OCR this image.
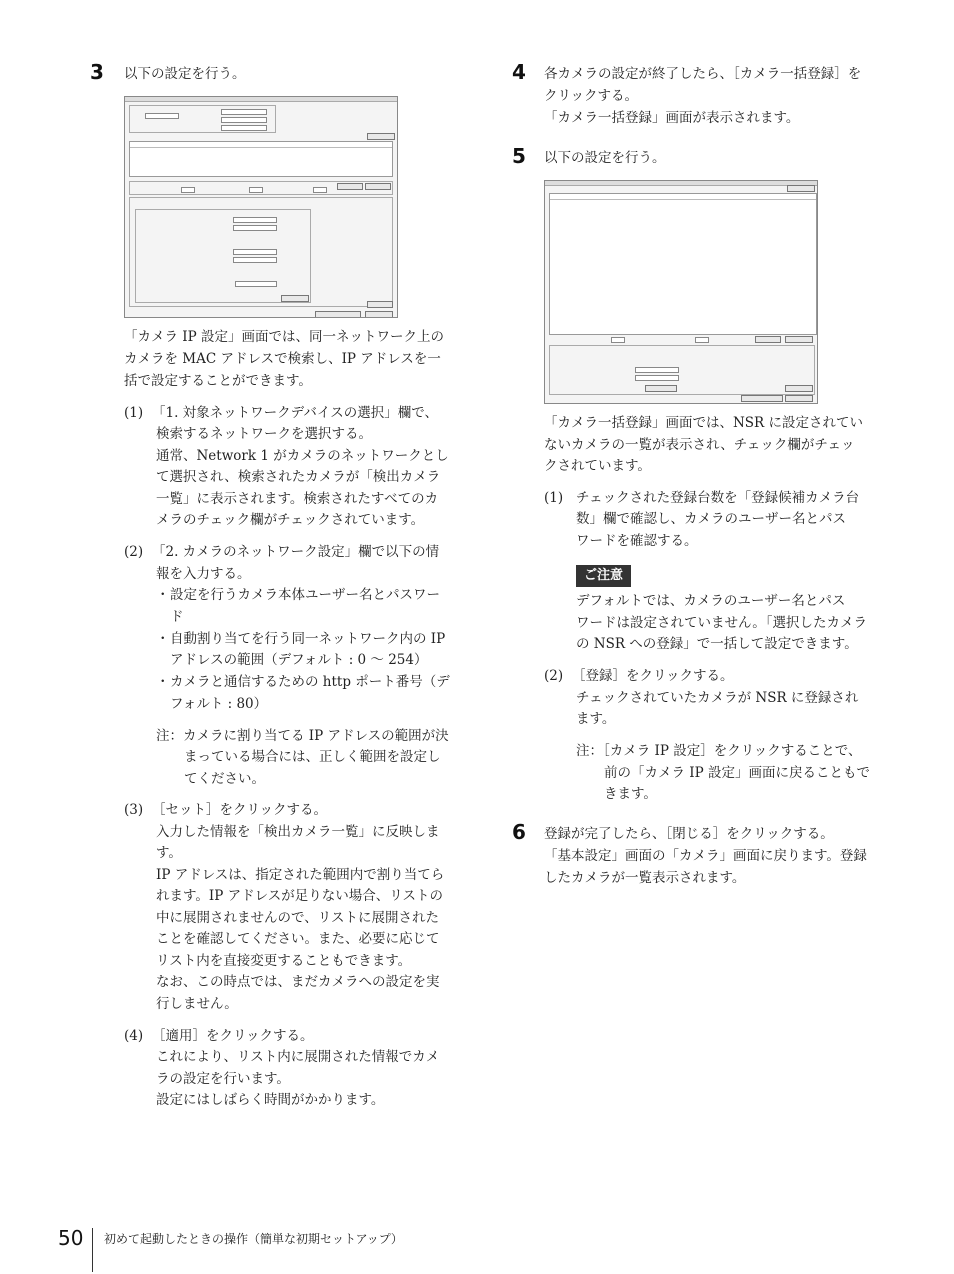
3 以下の設定を行う。
「カメラ IP 設定」画面では、同一ネットワーク上の
カメラを MAC アドレスで検索し、IP アドレスを一
括で設定することができます。
(1) 「1. 対象ネットワークデバイスの選択」欄で、
検索するネットワークを選択する。
通常、Network 1 がカメラのネットワークとし
て選択され、検索されたカメラが「検出カメラ
一覧」に表示されます。検索されたすべてのカ
メラのチェック欄がチェックされています。
(2) 「2. カメラのネットワーク設定」欄で以下の情
報を入力する。
・ 設定を行うカメラ本体ユーザー名とパスワー
ド
・ 自動割り当てを行う同一ネットワーク内の IP
アドレスの範囲（デフォルト : 0 〜 254）
・ カメラと通信するための http ポート番号（デ
フォルト : 80）
注：カメラに割り当てる IP アドレスの範囲が決
まっている場合には、正しく範囲を設定し
てください。
(3) ［セット］をクリックする。
入力した情報を「検出カメラ一覧」に反映しま
す。
IP アドレスは、指定された範囲内で割り当てら
れます。IP アドレスが足りない場合、リストの
中に展開されませんので、リストに展開された
ことを確認してください。また、必要に応じて
リスト内を直接変更することもできます。
なお、この時点では、まだカメラへの設定を実
行しません。
(4) ［適用］をクリックする。
これにより、リスト内に展開された情報でカメ
ラの設定を行います。
設定にはしばらく時間がかかります。
4 各カメラの設定が終了したら、［カメラ一括登録］を
クリックする。
「カメラ一括登録」画面が表示されます。
5 以下の設定を行う。
「カメラ一括登録」画面では、NSR に設定されてい
ないカメラの一覧が表示され、チェック欄がチェッ
クされています。
(1) チェックされた登録台数を「登録候補カメラ台
数」欄で確認し、カメラのユーザー名とパス
ワードを確認する。
ご注意
デフォルトでは、カメラのユーザー名とパス
ワードは設定されていません。「選択したカメラ
の NSR への登録」で一括して設定できます。
(2) ［登録］をクリックする。
チェックされていたカメラが NSR に登録され
ます。
注：［カメラ IP 設定］をクリックすることで、
前の「カメラ IP 設定」画面に戻ることもで
きます。
6 登録が完了したら、［閉じる］をクリックする。
「基本設定」画面の「カメラ」画面に戻ります。登録
したカメラが一覧表示されます。
50 初めて起動したときの操作（簡単な初期セットアップ）
